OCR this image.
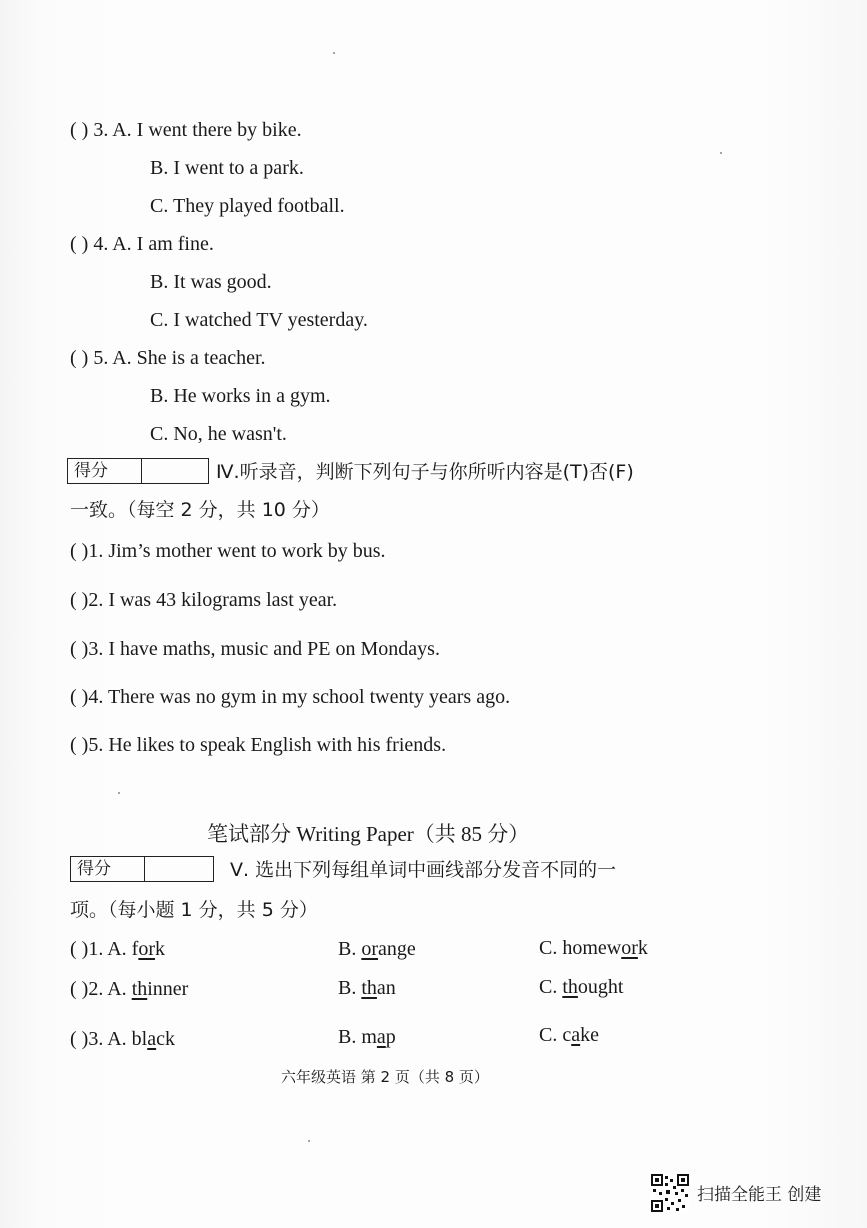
( ) 3. A. I went there by bike.
B. I went to a park.
C. They played football.
( ) 4. A. I am fine.
B. It was good.
C. I watched TV yesterday.
( ) 5. A. She is a teacher.
B. He works in a gym.
C. No, he wasn't.
得分	Ⅳ.听录音，判断下列句子与你所听内容是(T)否(F)
一致。（每空 2 分，共 10 分）
( )1. Jim’s mother went to work by bus.
( )2. I was 43 kilograms last year.
( )3. I have maths, music and PE on Mondays.
( )4. There was no gym in my school twenty years ago.
( )5. He likes to speak English with his friends.
笔试部分 Writing Paper（共 85 分）
得分	Ⅴ. 选出下列每组单词中画线部分发音不同的一
项。（每小题 1 分，共 5 分）
( )1. A. fork	B. orange	C. homework
( )2. A. thinner	B. than	C. thought
( )3. A. black	B. map	C. cake
六年级英语 第 2 页（共 8 页）
扫描全能王 创建
